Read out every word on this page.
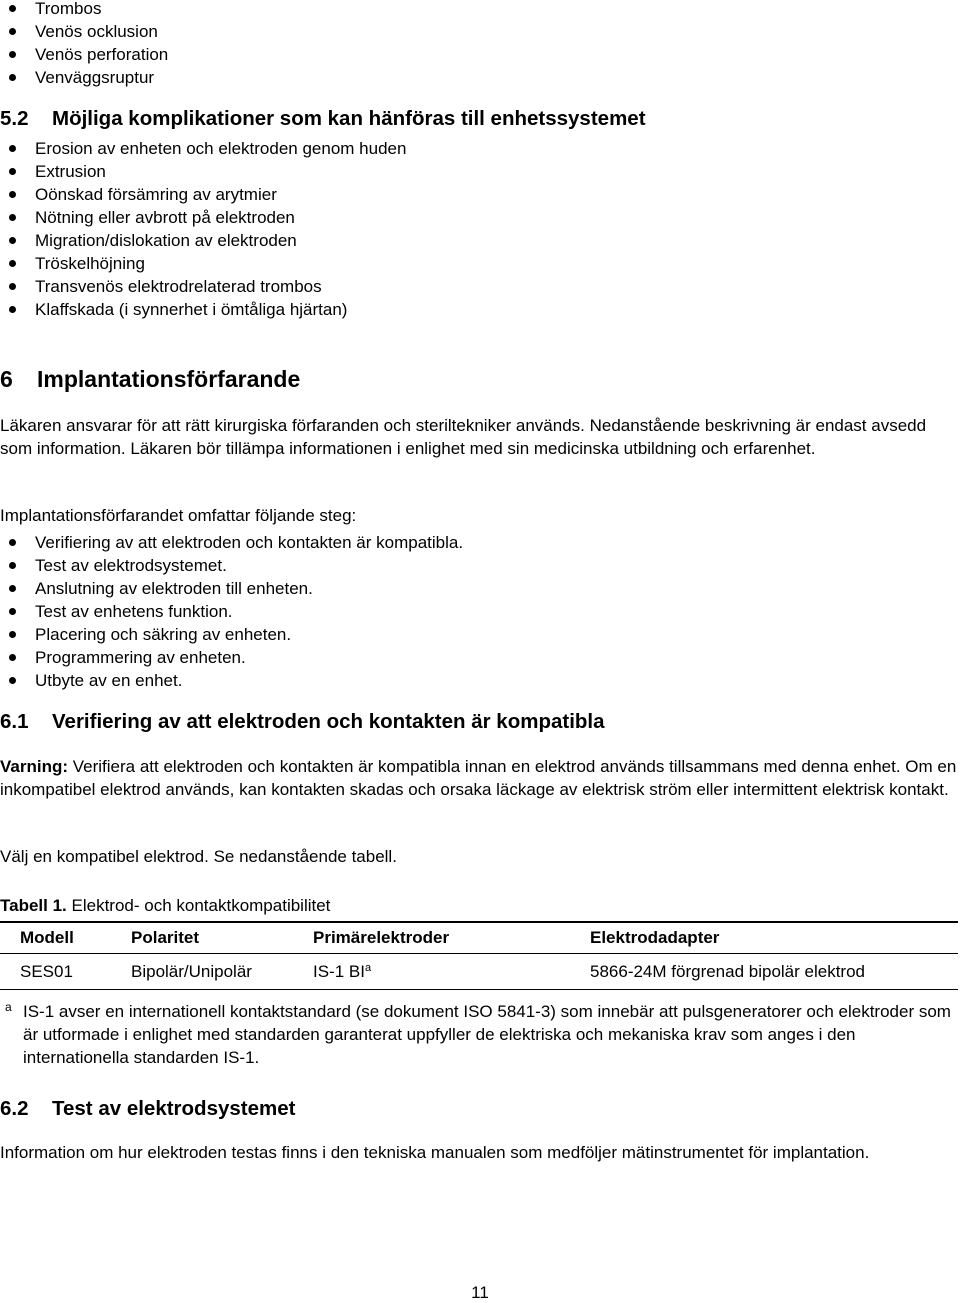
Trombos
Venös ocklusion
Venös perforation
Venväggsruptur
5.2 Möjliga komplikationer som kan hänföras till enhetssystemet
Erosion av enheten och elektroden genom huden
Extrusion
Oönskad försämring av arytmier
Nötning eller avbrott på elektroden
Migration/dislokation av elektroden
Tröskelhöjning
Transvenös elektrodrelaterad trombos
Klaffskada (i synnerhet i ömtåliga hjärtan)
6 Implantationsförfarande

Läkaren ansvarar för att rätt kirurgiska förfaranden och steriltekniker används. Nedanstående beskrivning är endast avsedd som information. Läkaren bör tillämpa informationen i enlighet med sin medicinska utbildning och erfarenhet.

Implantationsförfarandet omfattar följande steg:

Verifiering av att elektroden och kontakten är kompatibla.
Test av elektrodsystemet.
Anslutning av elektroden till enheten.
Test av enhetens funktion.
Placering och säkring av enheten.
Programmering av enheten.
Utbyte av en enhet.
6.1 Verifiering av att elektroden och kontakten är kompatibla

Varning: Verifiera att elektroden och kontakten är kompatibla innan en elektrod används tillsammans med denna enhet. Om en inkompatibel elektrod används, kan kontakten skadas och orsaka läckage av elektrisk ström eller intermittent elektrisk kontakt.

Välj en kompatibel elektrod. Se nedanstående tabell.

Tabell 1. Elektrod- och kontaktkompatibilitet

Modell	Polaritet	Primärelektroder	Elektrodadapter
SES01	Bipolär/Unipolär	IS-1 $BI^a$	5866-24M förgrenad bipolär elektrod
a IS-1 avser en internationell kontaktstandard (se dokument ISO 5841-3) som innebär att pulsgeneratorer och elektroder som är utformade i enlighet med standarden garanterat uppfyller de elektriska och mekaniska krav som anges i den internationella standarden IS-1.
6.2 Test av elektrodsystemet

Information om hur elektroden testas finns i den tekniska manualen som medföljer mätinstrumentet för implantation.

11
